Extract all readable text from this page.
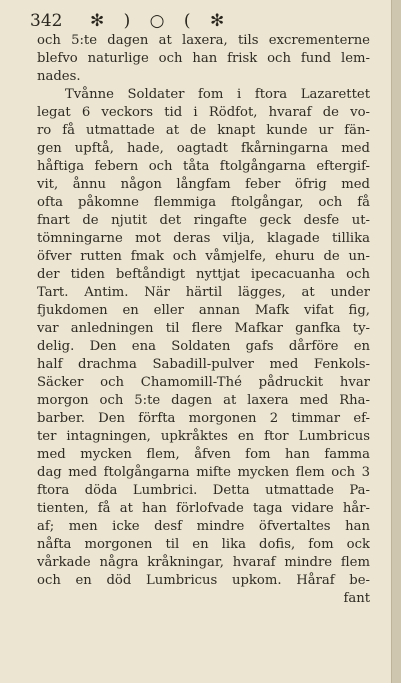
342	✻ ) ○ ( ✻
och 5:te dagen at laxera, tils excrementerne
blefvo naturlige och han frisk och fund lem-
nades.
Tvånne Soldater fom i ftora Lazarettet
legat 6 veckors tid i Rödfot, hvaraf de vo-
ro få utmattade at de knapt kunde ur fän-
gen upftå, hade, oagtadt fkårningarna med
håftiga febern och tåta ftolgångarna eftergif-
vit, ånnu någon långfam feber öfrig med
ofta påkomne flemmiga ftolgångar, och få
fnart de njutit det ringafte geck desfe ut-
tömningarne mot deras vilja, klagade tillika
öfver rutten fmak och våmjelfe, ehuru de un-
der tiden beftåndigt nyttjat ipecacuanha och
Tart. Antim. När härtil lägges, at under
fjukdomen en eller annan Mafk vifat fig,
var anledningen til flere Mafkar ganfka ty-
delig. Den ena Soldaten gafs dårföre en
half drachma Sabadill-pulver med Fenkols-
Säcker och Chamomill-Thé pådruckit hvar
morgon och 5:te dagen at laxera med Rha-
barber. Den förfta morgonen 2 timmar ef-
ter intagningen, upkråktes en ftor Lumbricus
med mycken flem, åfven fom han famma
dag med ftolgångarna mifte mycken flem och 3
ftora döda Lumbrici. Detta utmattade Pa-
tienten, få at han förlofvade taga vidare hår-
af; men icke desf mindre öfvertaltes han
nåfta morgonen til en lika dofis, fom ock
vårkade några kråkningar, hvaraf mindre flem
och en död Lumbricus upkom. Håraf be-
fant
